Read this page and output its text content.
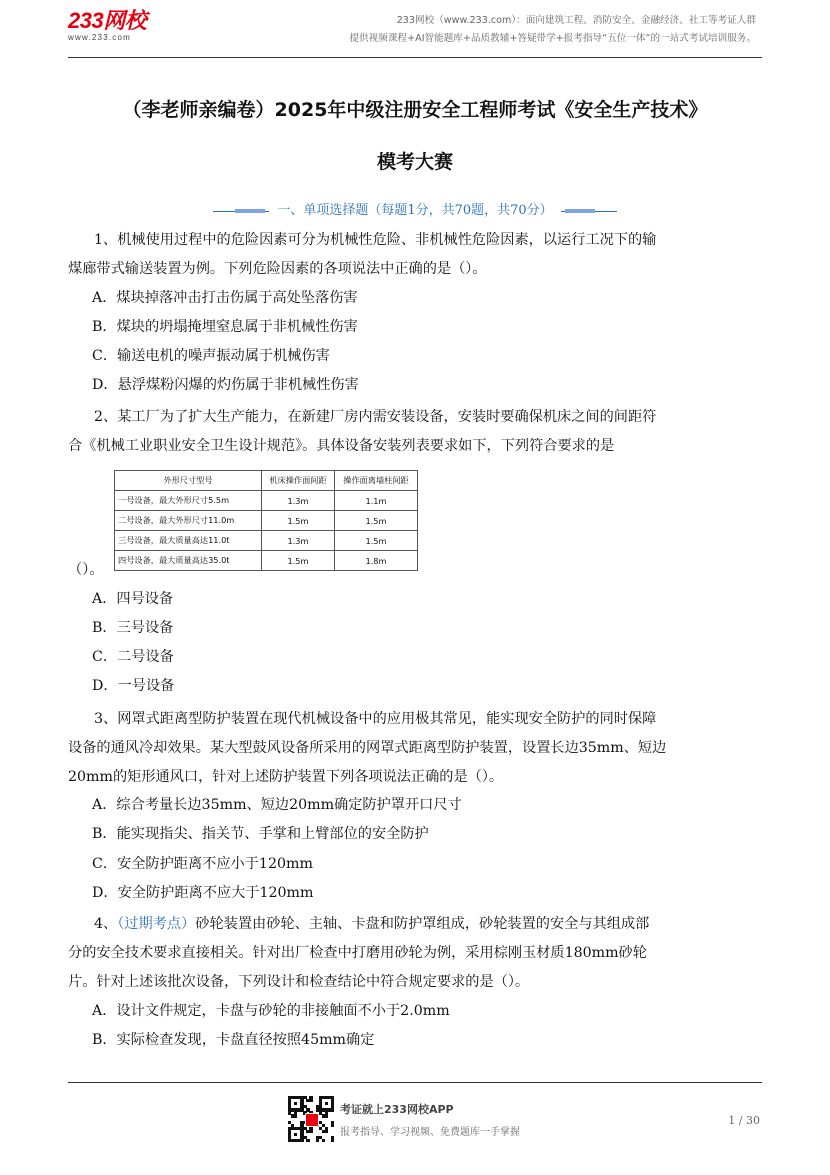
233网校
www.233.com
233网校（www.233.com）：面向建筑工程、消防安全、金融经济、社工等考证人群
提供视频课程+AI智能题库+品质教辅+答疑带学+报考指导“五位一体”的一站式考试培训服务。
（李老师亲编卷）2025年中级注册安全工程师考试《安全生产技术》
模考大赛
一、单项选择题（每题1分，共70题，共70分）
1、机械使用过程中的危险因素可分为机械性危险、非机械性危险因素，以运行工况下的输
煤廊带式输送装置为例。下列危险因素的各项说法中正确的是（）。
A．煤块掉落冲击打击伤属于高处坠落伤害
B．煤块的坍塌掩埋窒息属于非机械性伤害
C．输送电机的噪声振动属于机械伤害
D．悬浮煤粉闪爆的灼伤属于非机械性伤害
2、某工厂为了扩大生产能力，在新建厂房内需安装设备，安装时要确保机床之间的间距符
合《机械工业职业安全卫生设计规范》。具体设备安装列表要求如下，下列符合要求的是
外形尺寸型号	机床操作面间距	操作面离墙柱间距
一号设备，最大外形尺寸5.5m	1.3m	1.1m
二号设备，最大外形尺寸11.0m	1.5m	1.5m
三号设备，最大质量高达11.0t	1.3m	1.5m
四号设备，最大质量高达35.0t	1.5m	1.8m
（）。
A．四号设备
B．三号设备
C．二号设备
D．一号设备
3、网罩式距离型防护装置在现代机械设备中的应用极其常见，能实现安全防护的同时保障
设备的通风冷却效果。某大型鼓风设备所采用的网罩式距离型防护装置，设置长边35mm、短边
20mm的矩形通风口，针对上述防护装置下列各项说法正确的是（）。
A．综合考量长边35mm、短边20mm确定防护罩开口尺寸
B．能实现指尖、指关节、手掌和上臂部位的安全防护
C．安全防护距离不应小于120mm
D．安全防护距离不应大于120mm
4、（过期考点）砂轮装置由砂轮、主轴、卡盘和防护罩组成，砂轮装置的安全与其组成部
分的安全技术要求直接相关。针对出厂检查中打磨用砂轮为例，采用棕刚玉材质180mm砂轮
片。针对上述该批次设备，下列设计和检查结论中符合规定要求的是（）。
A．设计文件规定，卡盘与砂轮的非接触面不小于2.0mm
B．实际检查发现，卡盘直径按照45mm确定
考证就上233网校APP
报考指导、学习视频、免费题库一手掌握
1 / 30
